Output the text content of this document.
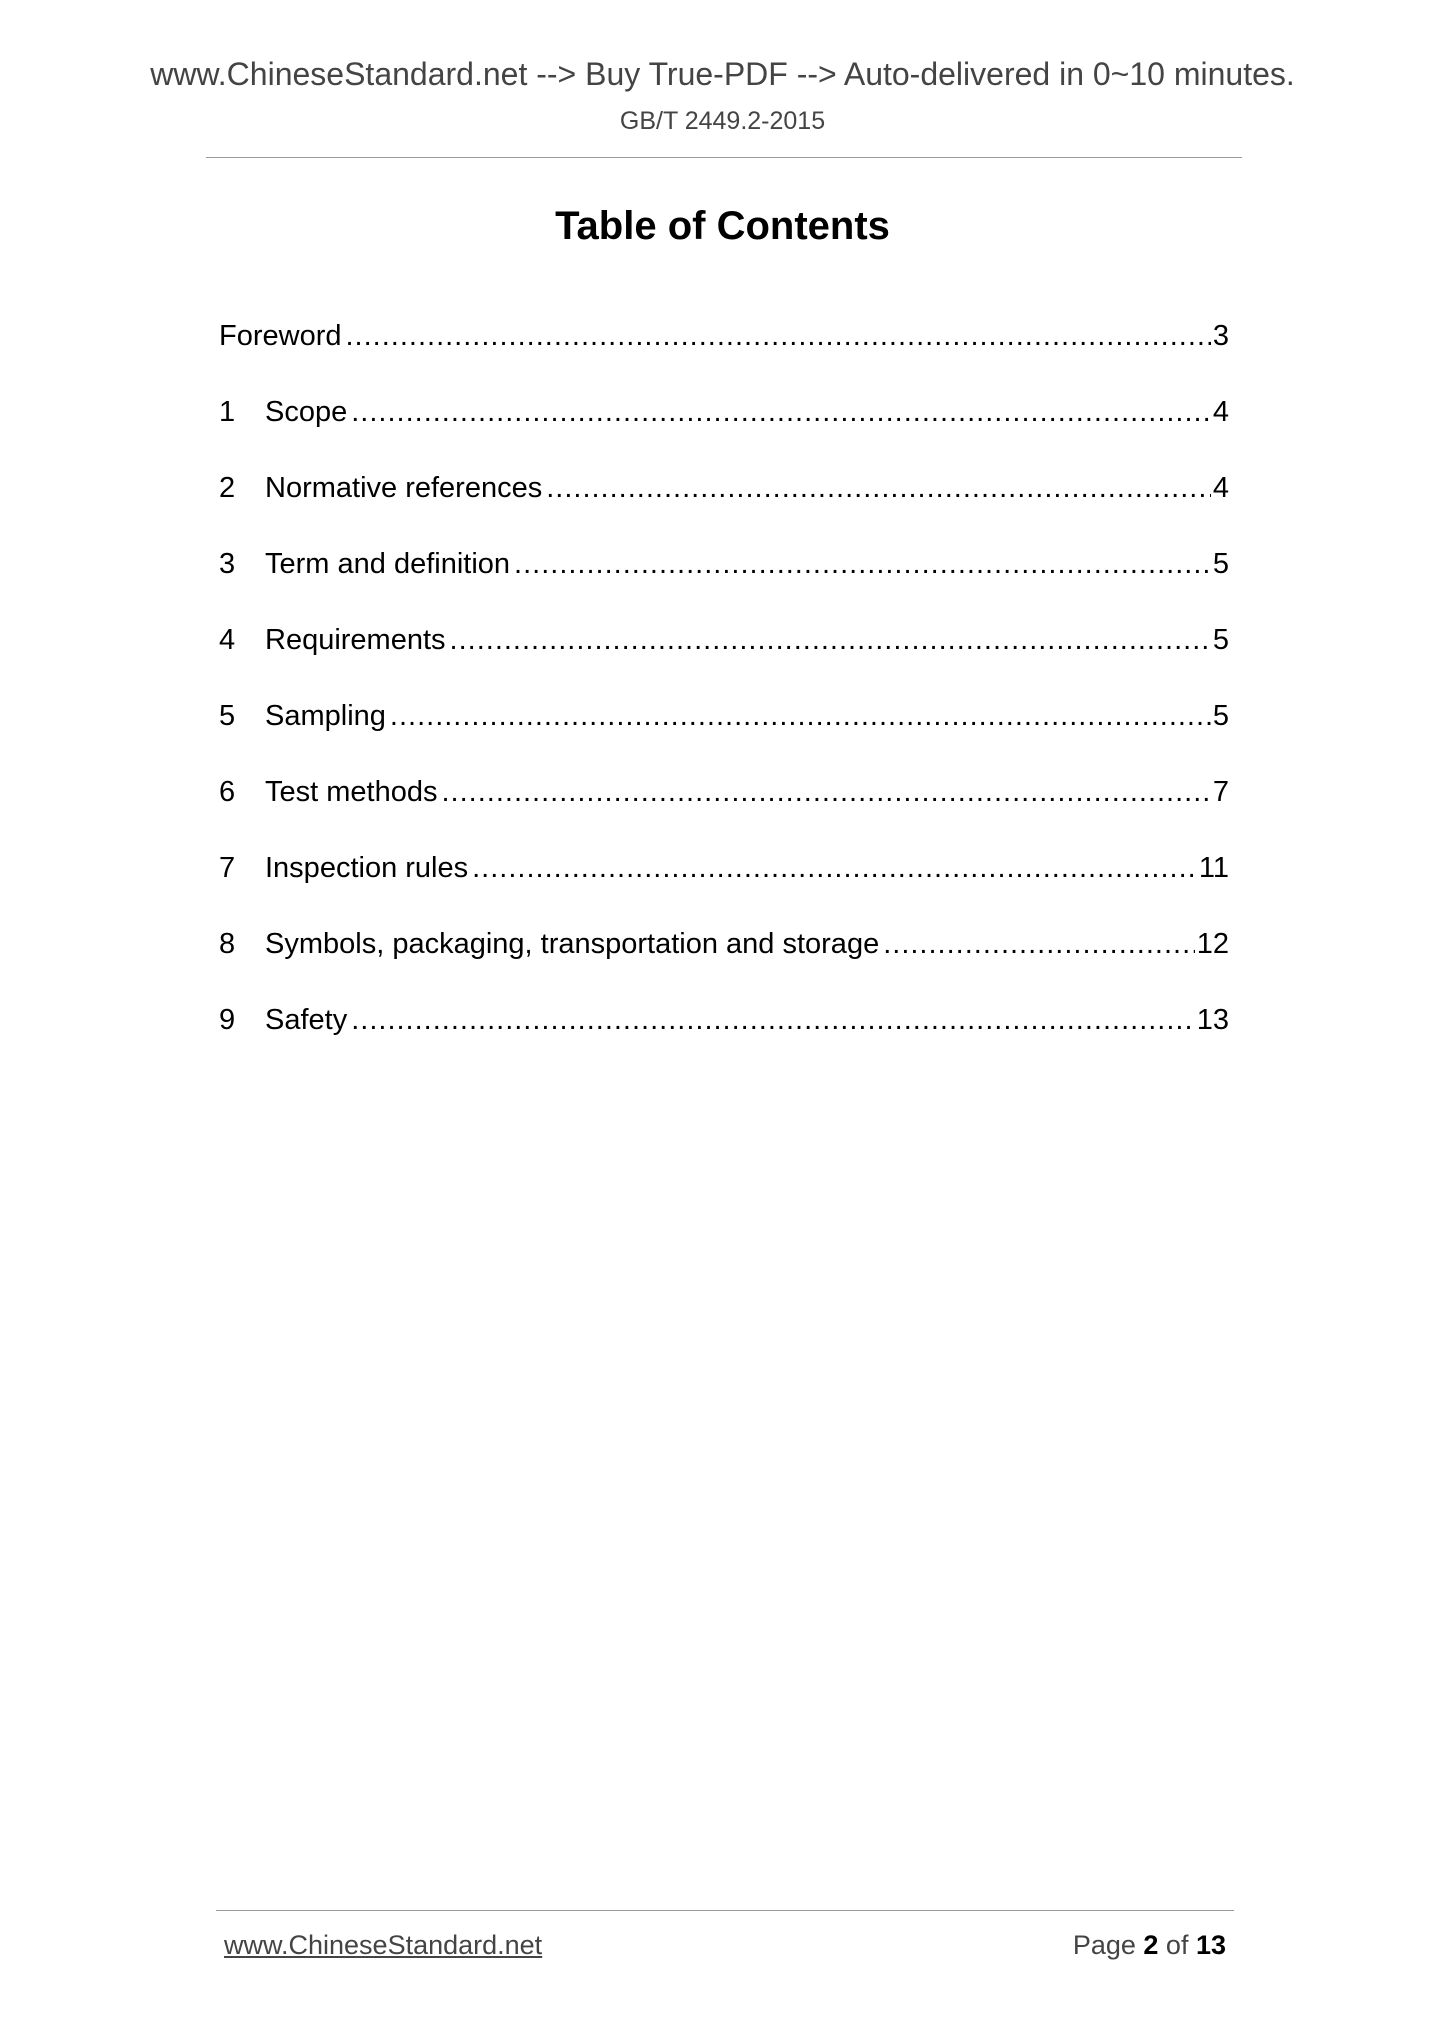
www.ChineseStandard.net --> Buy True-PDF --> Auto-delivered in 0~10 minutes.
GB/T 2449.2-2015
Table of Contents
Foreword .....	3
1	Scope .....	4
2	Normative references .....	4
3	Term and definition .....	5
4	Requirements .....	5
5	Sampling .....	5
6	Test methods .....	7
7	Inspection rules .....	11
8	Symbols, packaging, transportation and storage .....	12
9	Safety .....	13
www.ChineseStandard.net	Page 2 of 13
